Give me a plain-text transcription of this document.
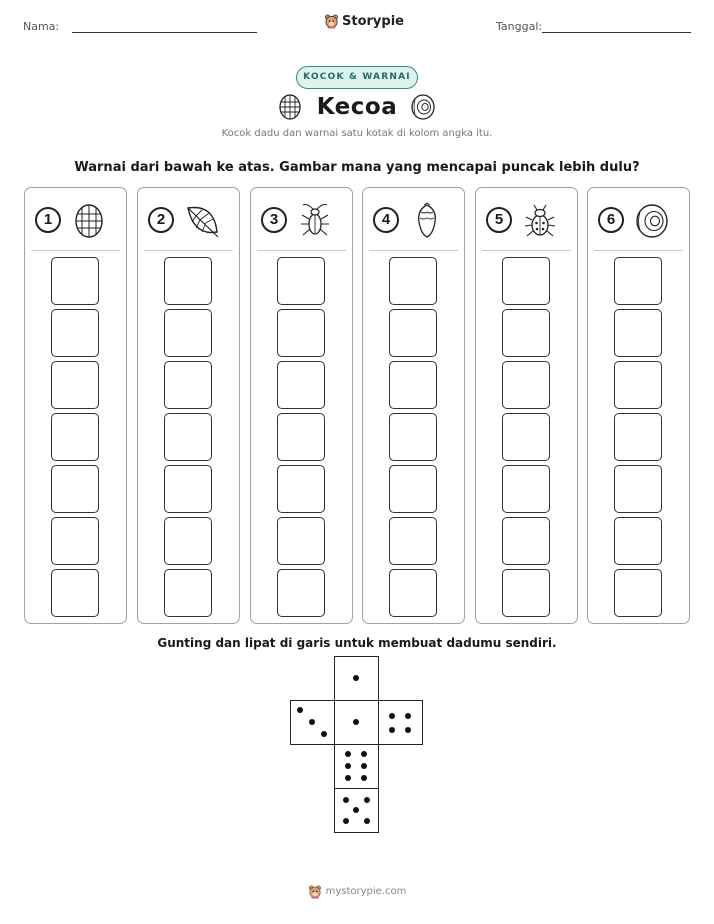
Nama:	Storypie	Tanggal:
KOCOK & WARNAI
Kecoa
Kocok dadu dan warnai satu kotak di kolom angka itu.
Warnai dari bawah ke atas. Gambar mana yang mencapai puncak lebih dulu?
1	2	3	4	5	6
Gunting dan lipat di garis untuk membuat dadumu sendiri.
mystorypie.com
